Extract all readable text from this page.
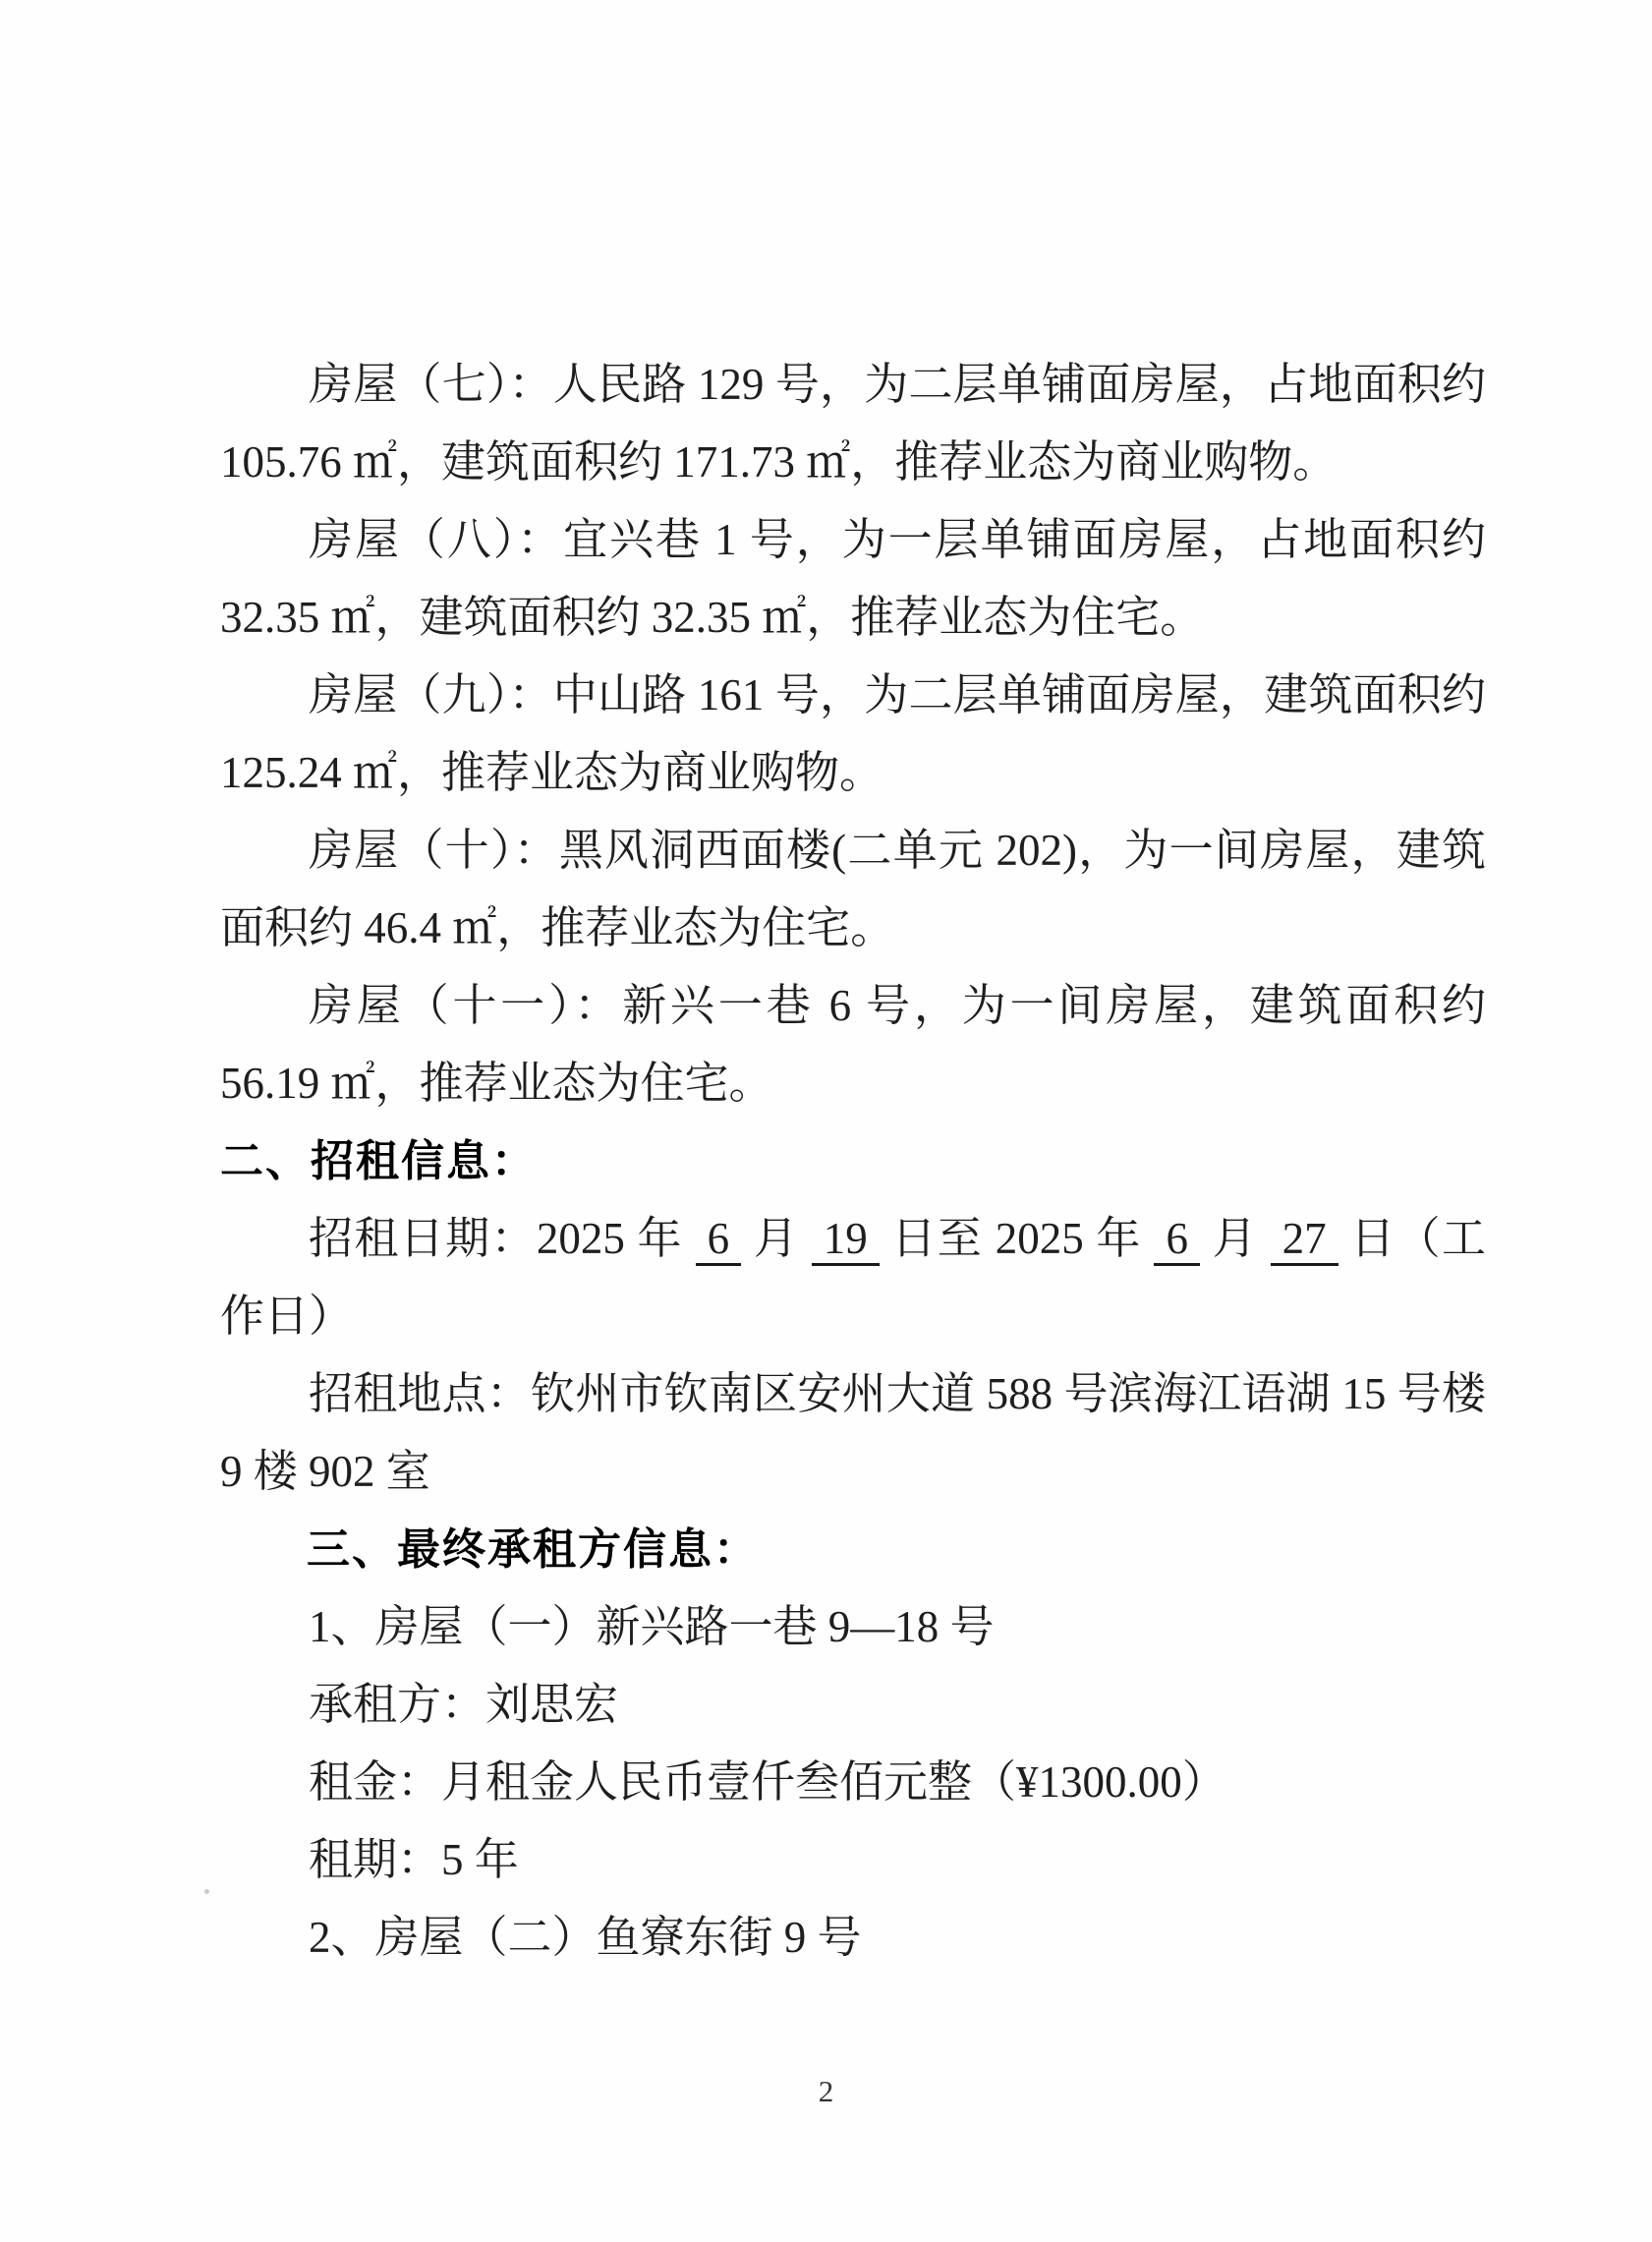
房屋（七）：人民路 129 号，为二层单铺面房屋，占地面积约 105.76 ㎡，建筑面积约 171.73 ㎡，推荐业态为商业购物。

房屋（八）：宜兴巷 1 号，为一层单铺面房屋，占地面积约 32.35 ㎡，建筑面积约 32.35 ㎡，推荐业态为住宅。

房屋（九）：中山路 161 号，为二层单铺面房屋，建筑面积约 125.24 ㎡，推荐业态为商业购物。

房屋（十）：黑风洞西面楼(二单元 202)，为一间房屋，建筑面积约 46.4 ㎡，推荐业态为住宅。

房屋（十一）：新兴一巷 6 号，为一间房屋，建筑面积约 56.19 ㎡，推荐业态为住宅。

二、招租信息：

招租日期：2025 年 6 月 19 日至 2025 年 6 月 27 日（工作日）

招租地点：钦州市钦南区安州大道 588 号滨海江语湖 15 号楼 9 楼 902 室

三、最终承租方信息：

1、房屋（一）新兴路一巷 9—18 号

承租方：刘思宏

租金：月租金人民币壹仟叁佰元整（¥1300.00）

租期：5 年

2、房屋（二）鱼寮东街 9 号

2
